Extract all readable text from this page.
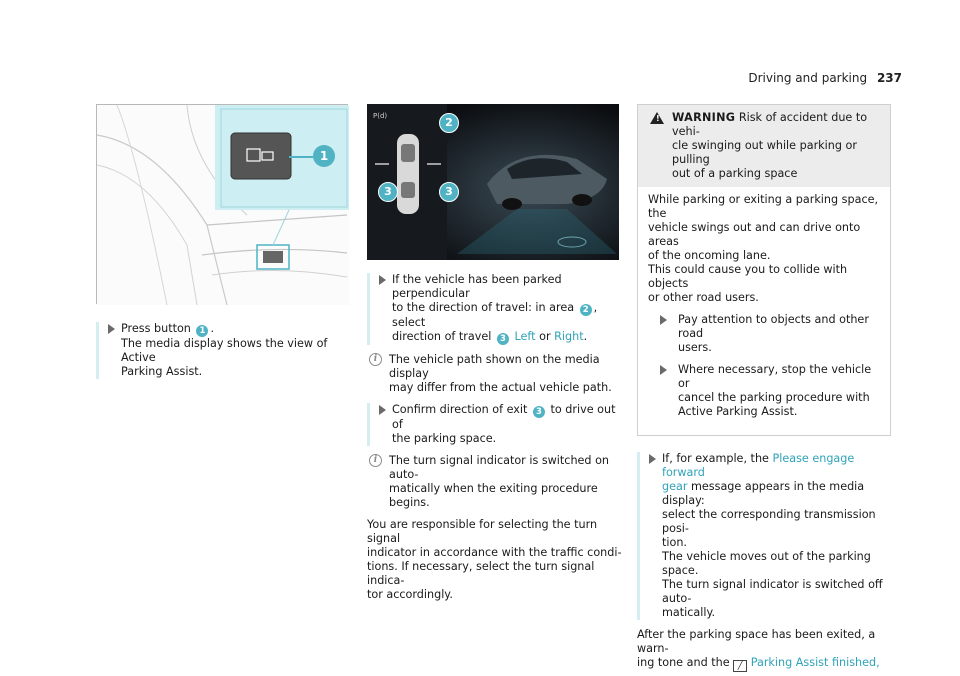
Driving and parking 237
1
P(d)	2
3	3

Press button 1 .

The media display shows the view of Active

Parking Assist.

If the vehicle has been parked perpendicular

to the direction of travel: in area 2 , select

direction of travel 3 Left or Right.

i	The vehicle path shown on the media display

may differ from the actual vehicle path.

Confirm direction of exit 3 to drive out of

the parking space.

i	The turn signal indicator is switched on auto-

matically when the exiting procedure begins.

You are responsible for selecting the turn signal

indicator in accordance with the traffic condi-

tions. If necessary, select the turn signal indica-

tor accordingly.

! WARNING Risk of accident due to vehi-

cle swinging out while parking or pulling

out of a parking space

While parking or exiting a parking space, the

vehicle swings out and can drive onto areas

of the oncoming lane.

This could cause you to collide with objects

or other road users.

Pay attention to objects and other road

users.

Where necessary, stop the vehicle or

cancel the parking procedure with

Active Parking Assist.

If, for example, the Please engage forward

gear message appears in the media display:

select the corresponding transmission posi-

tion.

The vehicle moves out of the parking space.

The turn signal indicator is switched off auto-

matically.

After the parking space has been exited, a warn-

ing tone and the ╱ Parking Assist finished,
